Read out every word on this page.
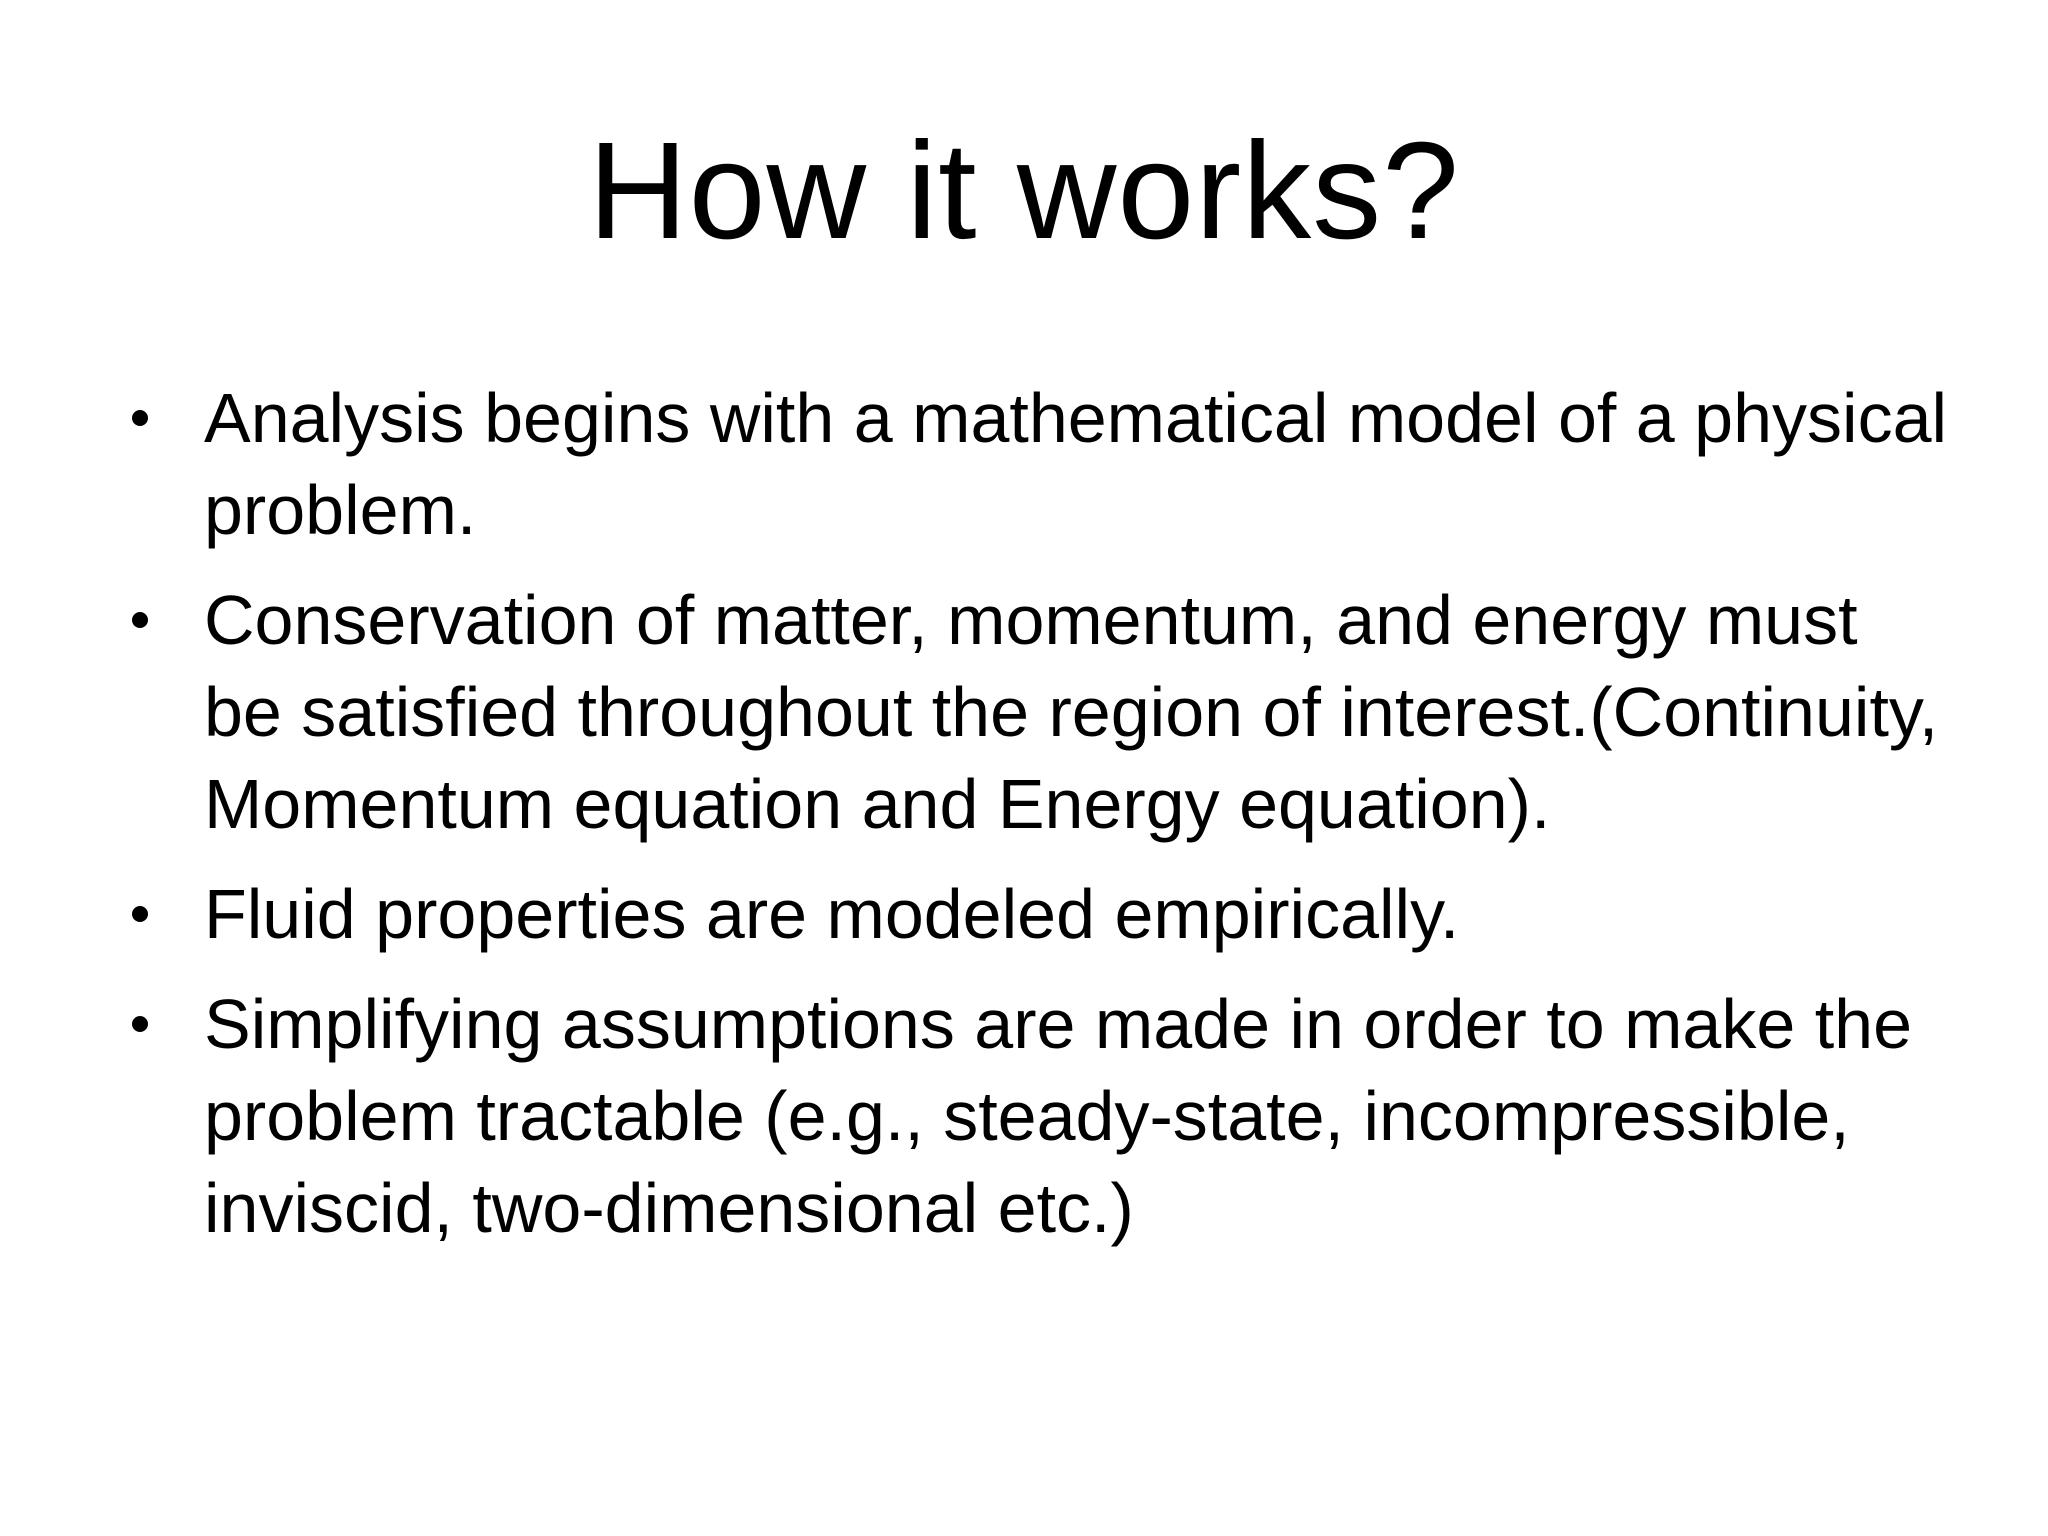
How it works?
Analysis begins with a mathematical model of a physical problem.
Conservation of matter, momentum, and energy must be satisfied throughout the region of interest.(Continuity, Momentum equation and Energy equation).
Fluid properties are modeled empirically.
Simplifying assumptions are made in order to make the problem tractable (e.g., steady-state, incompressible, inviscid, two-dimensional etc.)
